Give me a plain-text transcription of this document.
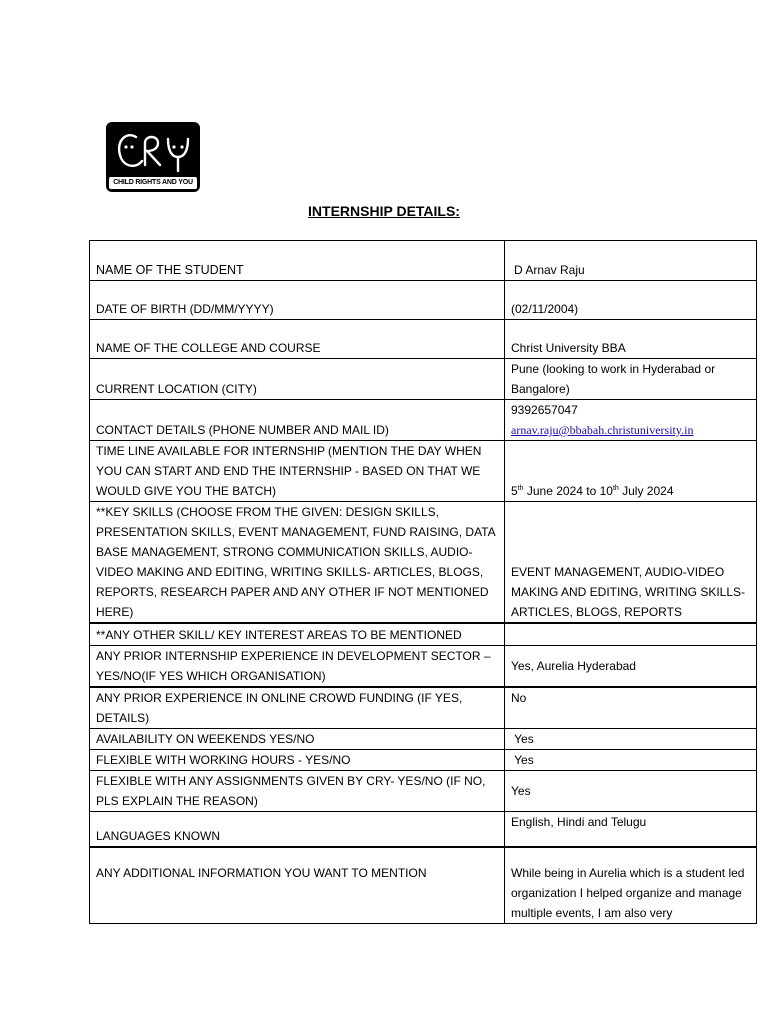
CHILD RIGHTS AND YOU
INTERNSHIP DETAILS:
NAME OF THE STUDENT	D Arnav Raju
DATE OF BIRTH (DD/MM/YYYY)	(02/11/2004)
NAME OF THE COLLEGE AND COURSE	Christ University BBA
CURRENT LOCATION (CITY)	Pune (looking to work in Hyderabad or Bangalore)
CONTACT DETAILS (PHONE NUMBER AND MAIL ID)	9392657047
arnav.raju@bbabah.christuniversity.in

TIME LINE AVAILABLE FOR INTERNSHIP (MENTION THE DAY WHEN YOU CAN START AND END THE INTERNSHIP - BASED ON THAT WE WOULD GIVE YOU THE BATCH)	5th June 2024 to 10th July 2024
**KEY SKILLS (CHOOSE FROM THE GIVEN: DESIGN SKILLS, PRESENTATION SKILLS, EVENT MANAGEMENT, FUND RAISING, DATA BASE MANAGEMENT, STRONG COMMUNICATION SKILLS, AUDIO-VIDEO MAKING AND EDITING, WRITING SKILLS- ARTICLES, BLOGS, REPORTS, RESEARCH PAPER AND ANY OTHER IF NOT MENTIONED HERE)	EVENT MANAGEMENT, AUDIO-VIDEO MAKING AND EDITING, WRITING SKILLS-ARTICLES, BLOGS, REPORTS
**ANY OTHER SKILL/ KEY INTEREST AREAS TO BE MENTIONED	
ANY PRIOR INTERNSHIP EXPERIENCE IN DEVELOPMENT SECTOR –YES/NO(IF YES WHICH ORGANISATION)	Yes, Aurelia Hyderabad
ANY PRIOR EXPERIENCE IN ONLINE CROWD FUNDING (IF YES, DETAILS)	No
AVAILABILITY ON WEEKENDS YES/NO	Yes
FLEXIBLE WITH WORKING HOURS - YES/NO	Yes
FLEXIBLE WITH ANY ASSIGNMENTS GIVEN BY CRY- YES/NO (IF NO, PLS EXPLAIN THE REASON)	Yes
LANGUAGES KNOWN	English, Hindi and Telugu
ANY ADDITIONAL INFORMATION YOU WANT TO MENTION	While being in Aurelia which is a student led organization I helped organize and manage multiple events, I am also very
